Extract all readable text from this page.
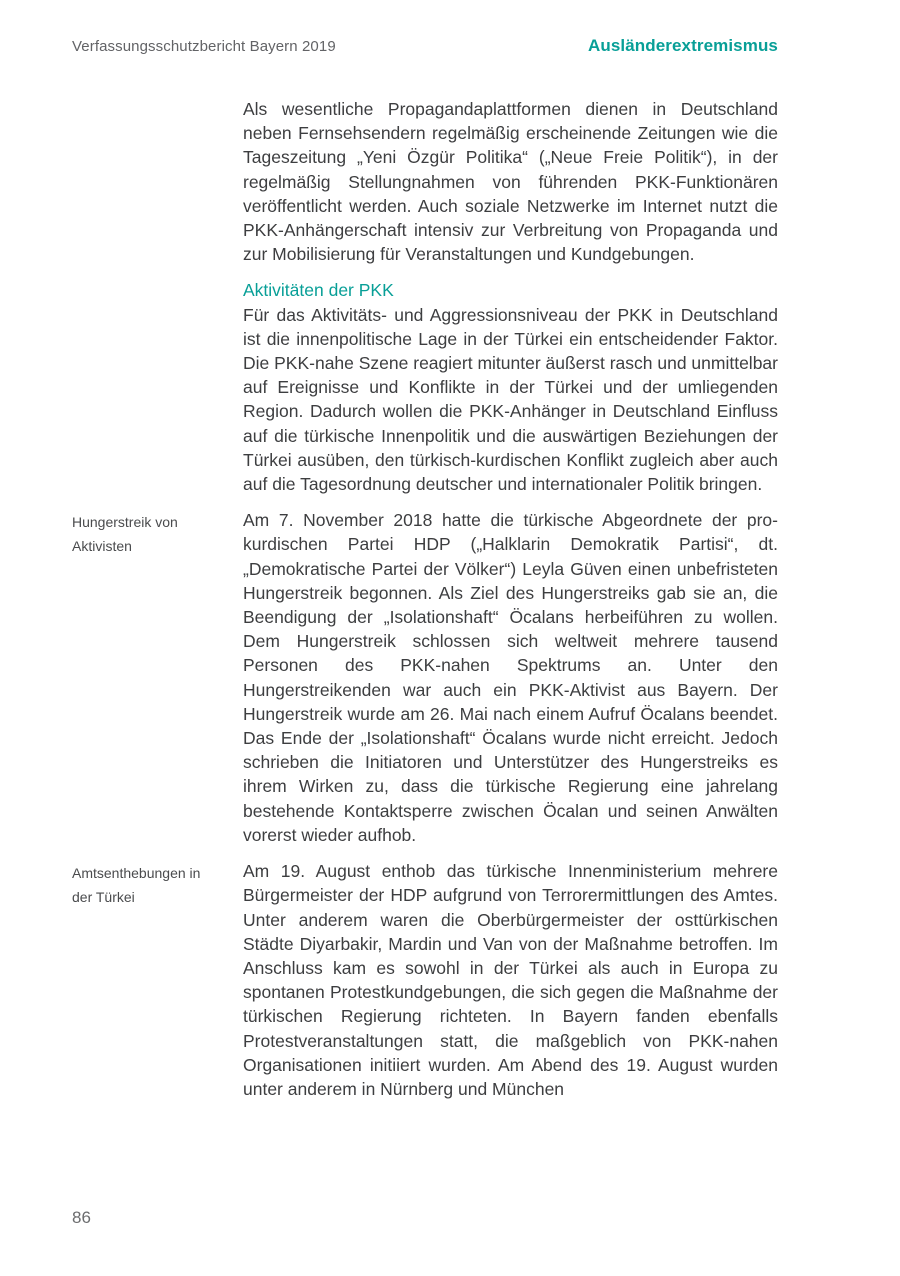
Verfassungsschutzbericht Bayern 2019	Ausländerextremismus

Als wesentliche Propagandaplattformen dienen in Deutschland neben Fernsehsendern regelmäßig erscheinende Zeitungen wie die Tageszeitung „Yeni Özgür Politika“ („Neue Freie Politik“), in der regelmäßig Stellungnahmen von führenden PKK-Funktionären veröffentlicht werden. Auch soziale Netzwerke im Internet nutzt die PKK-Anhängerschaft intensiv zur Verbreitung von Propaganda und zur Mobilisierung für Veranstaltungen und Kundgebungen.

Aktivitäten der PKK

Für das Aktivitäts- und Aggressionsniveau der PKK in Deutschland ist die innenpolitische Lage in der Türkei ein entscheidender Faktor. Die PKK-nahe Szene reagiert mitunter äußerst rasch und unmittelbar auf Ereignisse und Konflikte in der Türkei und der umliegenden Region. Dadurch wollen die PKK-Anhänger in Deutschland Einfluss auf die türkische Innenpolitik und die auswärtigen Beziehungen der Türkei ausüben, den türkisch-kurdischen Konflikt zugleich aber auch auf die Tagesordnung deutscher und internationaler Politik bringen.

Hungerstreik von Aktivisten

Am 7. November 2018 hatte die türkische Abgeordnete der pro-kurdischen Partei HDP („Halklarin Demokratik Partisi“, dt. „Demokratische Partei der Völker“) Leyla Güven einen unbefristeten Hungerstreik begonnen. Als Ziel des Hungerstreiks gab sie an, die Beendigung der „Isolationshaft“ Öcalans herbeiführen zu wollen. Dem Hungerstreik schlossen sich weltweit mehrere tausend Personen des PKK-nahen Spektrums an. Unter den Hungerstreikenden war auch ein PKK-Aktivist aus Bayern. Der Hungerstreik wurde am 26. Mai nach einem Aufruf Öcalans beendet. Das Ende der „Isolationshaft“ Öcalans wurde nicht erreicht. Jedoch schrieben die Initiatoren und Unterstützer des Hungerstreiks es ihrem Wirken zu, dass die türkische Regierung eine jahrelang bestehende Kontaktsperre zwischen Öcalan und seinen Anwälten vorerst wieder aufhob.

Amtsenthebungen in der Türkei

Am 19. August enthob das türkische Innenministerium mehrere Bürgermeister der HDP aufgrund von Terrorermittlungen des Amtes. Unter anderem waren die Oberbürgermeister der osttürkischen Städte Diyarbakir, Mardin und Van von der Maßnahme betroffen. Im Anschluss kam es sowohl in der Türkei als auch in Europa zu spontanen Protestkundgebungen, die sich gegen die Maßnahme der türkischen Regierung richteten. In Bayern fanden ebenfalls Protestveranstaltungen statt, die maßgeblich von PKK-nahen Organisationen initiiert wurden. Am Abend des 19. August wurden unter anderem in Nürnberg und München

86
